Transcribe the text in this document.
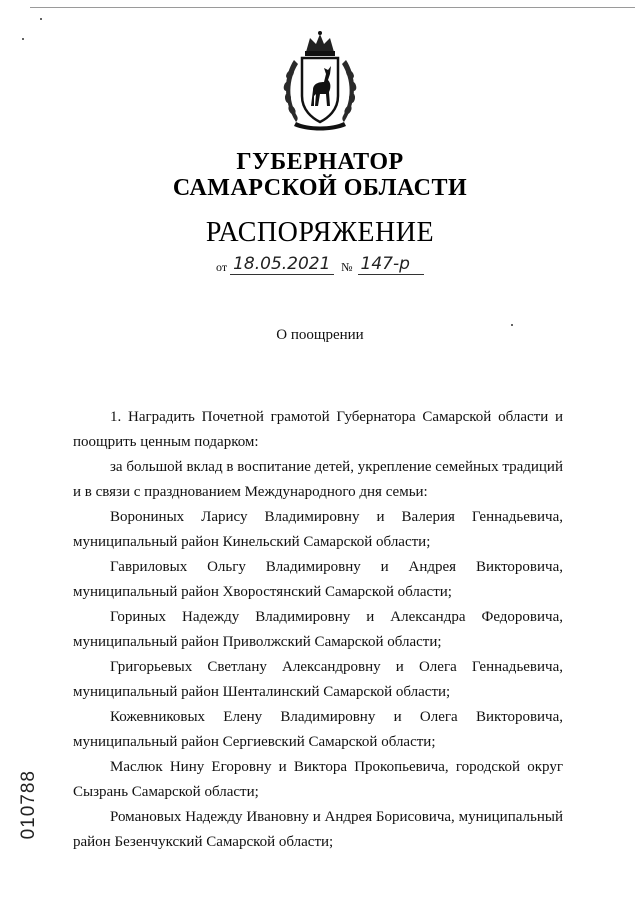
ГУБЕРНАТОР
САМАРСКОЙ ОБЛАСТИ
РАСПОРЯЖЕНИЕ
от 18.05.2021 № 147-р
О поощрении

1. Наградить Почетной грамотой Губернатора Самарской области и поощрить ценным подарком:

за большой вклад в воспитание детей, укрепление семейных традиций и в связи с празднованием Международного дня семьи:

Ворониных Ларису Владимировну и Валерия Геннадьевича, муниципальный район Кинельский Самарской области;

Гавриловых Ольгу Владимировну и Андрея Викторовича, муниципальный район Хворостянский Самарской области;

Гориных Надежду Владимировну и Александра Федоровича, муниципальный район Приволжский Самарской области;

Григорьевых Светлану Александровну и Олега Геннадьевича, муниципальный район Шенталинский Самарской области;

Кожевниковых Елену Владимировну и Олега Викторовича, муниципальный район Сергиевский Самарской области;

Маслюк Нину Егоровну и Виктора Прокопьевича, городской округ Сызрань Самарской области;

Романовых Надежду Ивановну и Андрея Борисовича, муниципальный район Безенчукский Самарской области;

010788
